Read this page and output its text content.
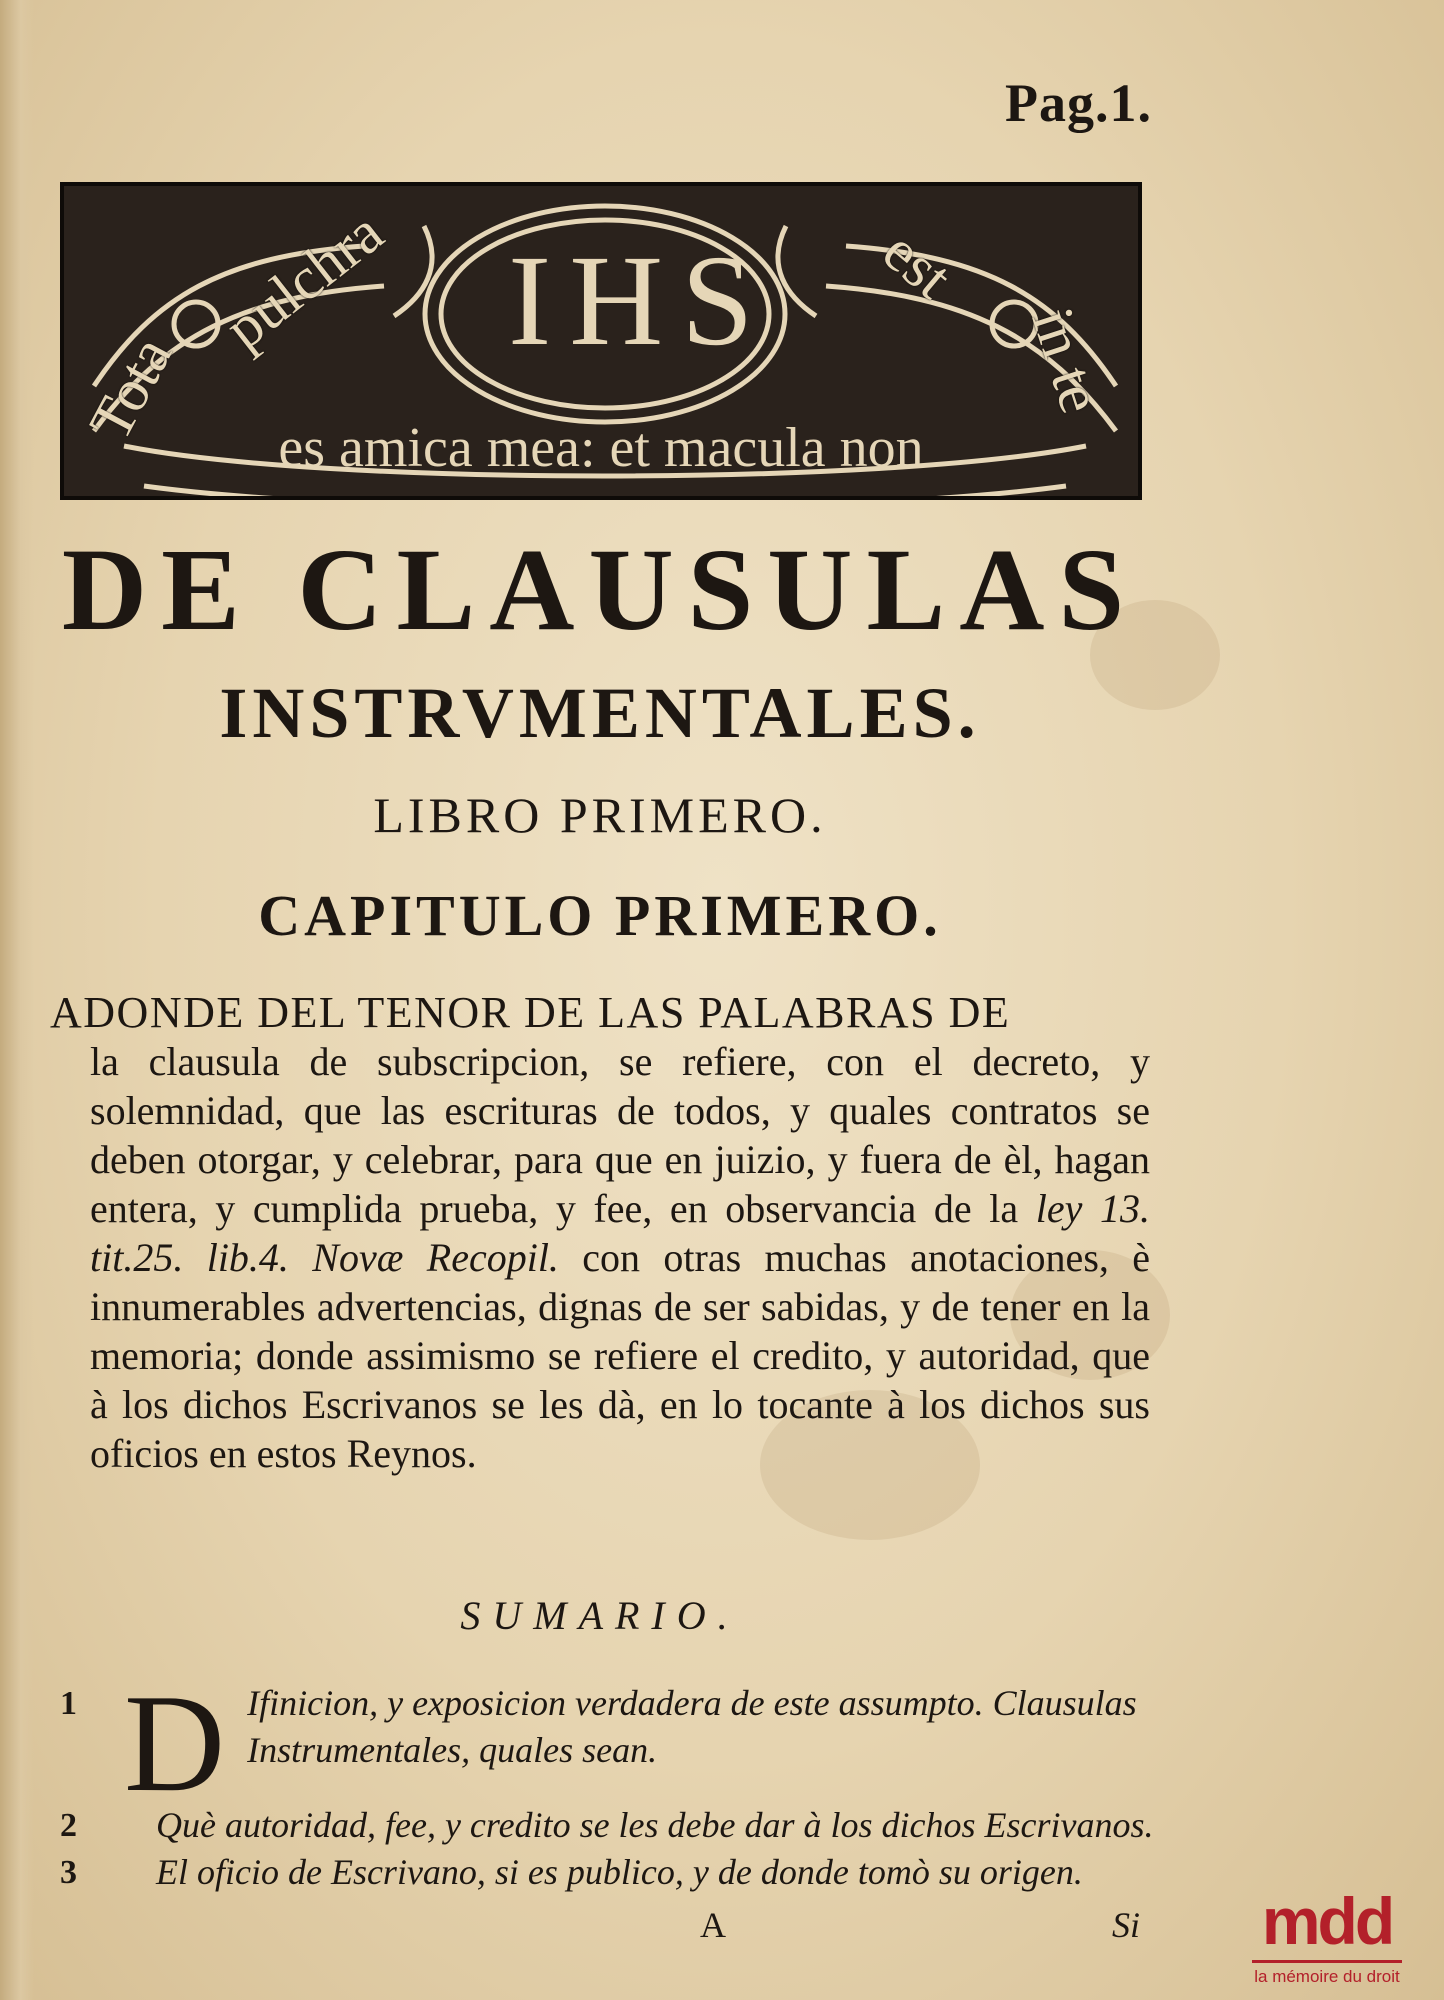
Pag.1.
IHS
Tota
pulchra	est
in te
es amica mea: et macula non
DE CLAUSULAS
INSTRVMENTALES.
LIBRO PRIMERO.
CAPITULO PRIMERO.
ADONDE DEL TENOR DE LAS PALABRAS DE
la clausula de subscripcion, se refiere, con el decreto, y solemnidad, que las escrituras de todos, y quales contratos se deben otorgar, y celebrar, para que en juizio, y fuera de èl, hagan entera, y cumplida prueba, y fee, en observancia de la ley 13. tit.25. lib.4. Novæ Recopil. con otras muchas anotaciones, è innumerables advertencias, dignas de ser sabidas, y de tener en la memoria; donde assimismo se refiere el credito, y autoridad, que à los dichos Escrivanos se les dà, en lo tocante à los dichos sus oficios en estos Reynos.
SUMARIO.
1 D Ifinicion, y exposicion verdadera de este assumpto. Clausulas Instrumentales, quales sean.
2	Què autoridad, fee, y credito se les debe dar à los dichos Escrivanos.
3	El oficio de Escrivano, si es publico, y de donde tomò su origen.
A	Si	mdd
la mémoire du droit
